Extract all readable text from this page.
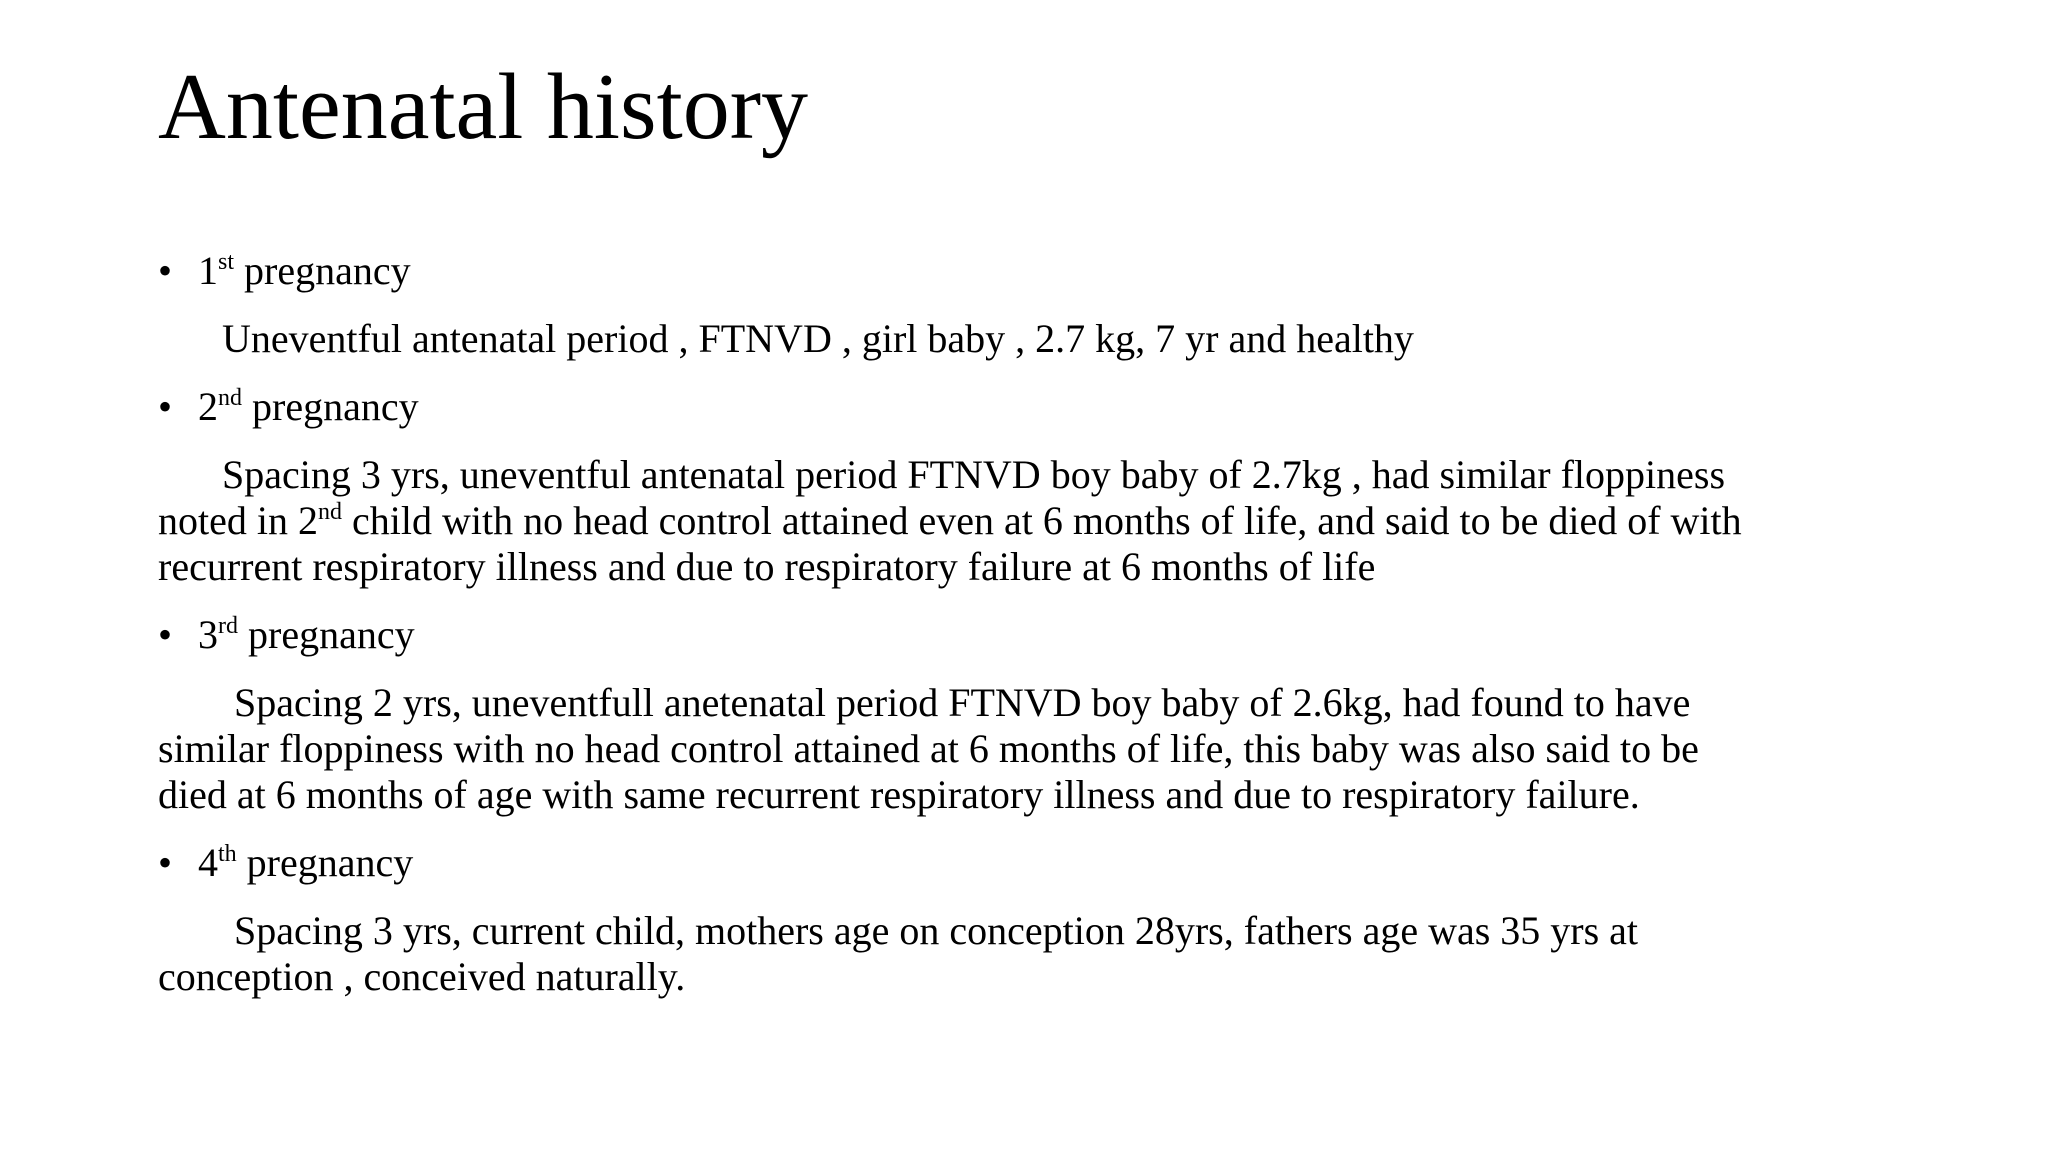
Antenatal history
• 1st pregnancy
Uneventful antenatal period , FTNVD , girl baby , 2.7 kg, 7 yr and healthy
• 2nd pregnancy
Spacing 3 yrs, uneventful antenatal period FTNVD boy baby of 2.7kg , had similar floppiness
noted in 2nd child with no head control attained even at 6 months of life, and said to be died of with
recurrent respiratory illness and due to respiratory failure at 6 months of life
• 3rd pregnancy
Spacing 2 yrs, uneventfull anetenatal period FTNVD boy baby of 2.6kg, had found to have
similar floppiness with no head control attained at 6 months of life, this baby was also said to be
died at 6 months of age with same recurrent respiratory illness and due to respiratory failure.
• 4th pregnancy
Spacing 3 yrs, current child, mothers age on conception 28yrs, fathers age was 35 yrs at
conception , conceived naturally.
